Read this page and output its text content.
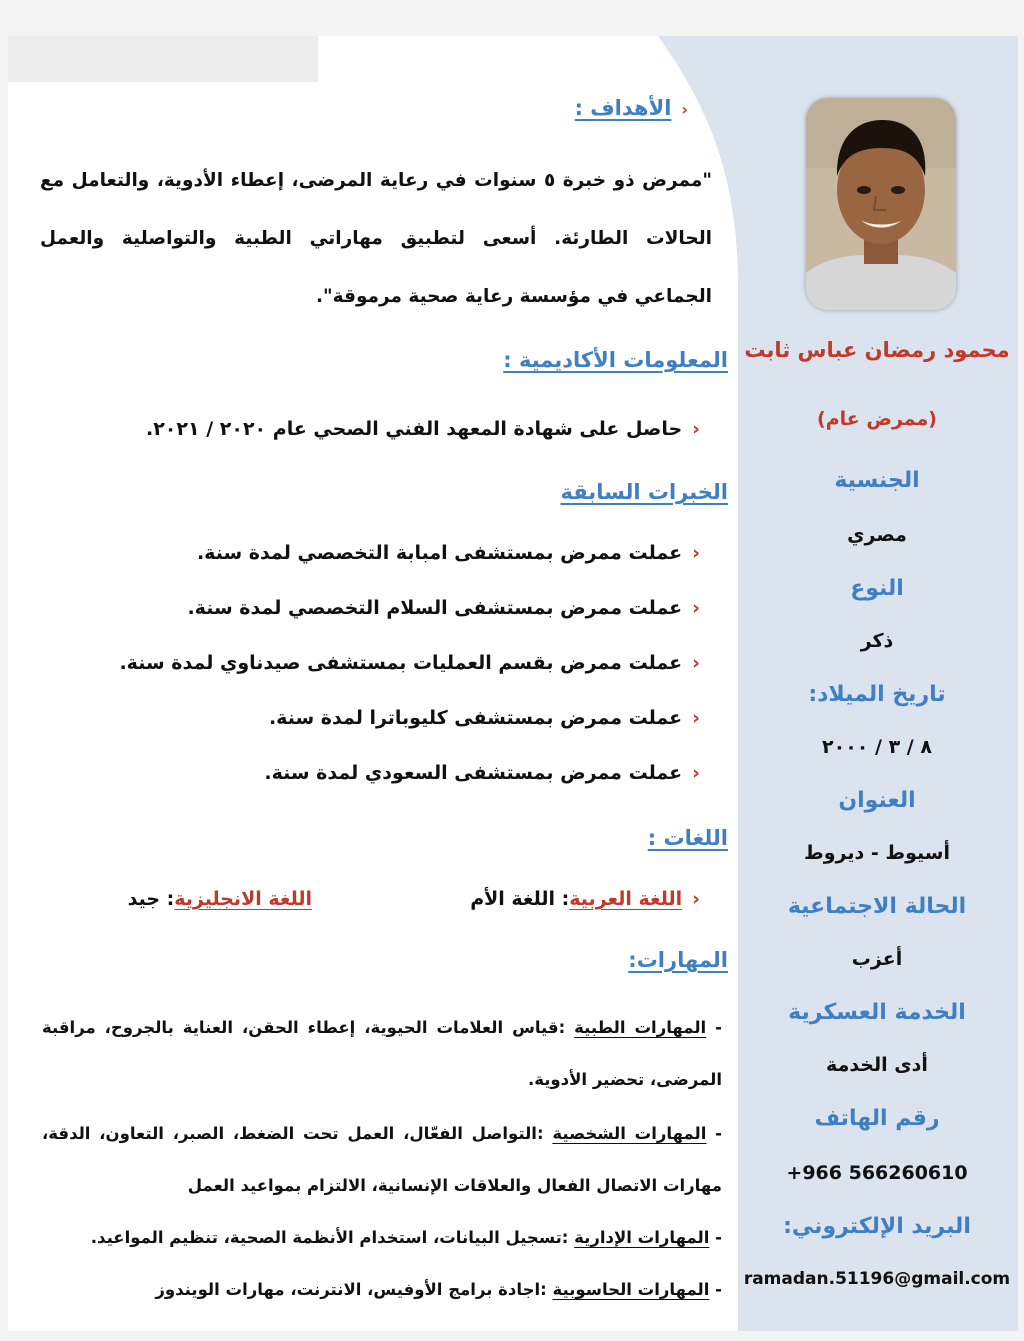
محمود رمضان عباس ثابت
(ممرض عام)
الجنسية
مصري
النوع
ذكر
تاريخ الميلاد:
٨ / ٣ / ٢٠٠٠
العنوان
أسيوط - ديروط
الحالة الاجتماعية
أعزب
الخدمة العسكرية
أدى الخدمة
رقم الهاتف
+966 566260610
البريد الإلكتروني:
ramadan.51196@gmail.com
‹الأهداف :
"ممرض ذو خبرة ٥ سنوات في رعاية المرضى، إعطاء الأدوية، والتعامل مع الحالات الطارئة. أسعى لتطبيق مهاراتي الطبية والتواصلية والعمل الجماعي في مؤسسة رعاية صحية مرموقة".
المعلومات الأكاديمية :
‹حاصل على شهادة المعهد الفني الصحي عام ٢٠٢٠ / ٢٠٢١.
الخبرات السابقة
‹عملت ممرض بمستشفى امبابة التخصصي لمدة سنة.
‹عملت ممرض بمستشفى السلام التخصصي لمدة سنة.
‹عملت ممرض بقسم العمليات بمستشفى صيدناوي لمدة سنة.
‹عملت ممرض بمستشفى كليوباترا لمدة سنة.
‹عملت ممرض بمستشفى السعودي لمدة سنة.
اللغات :
‹اللغة العربية: اللغة الأم
اللغة الانجليزية: جيد
المهارات:
- المهارات الطبية :قياس العلامات الحيوية، إعطاء الحقن، العناية بالجروح، مراقبة المرضى، تحضير الأدوية.
- المهارات الشخصية :التواصل الفعّال، العمل تحت الضغط، الصبر، التعاون، الدقة، مهارات الاتصال الفعال والعلاقات الإنسانية، الالتزام بمواعيد العمل
- المهارات الإدارية :تسجيل البيانات، استخدام الأنظمة الصحية، تنظيم المواعيد.
- المهارات الحاسوبية :اجادة برامج الأوفيس، الانترنت، مهارات الويندوز
